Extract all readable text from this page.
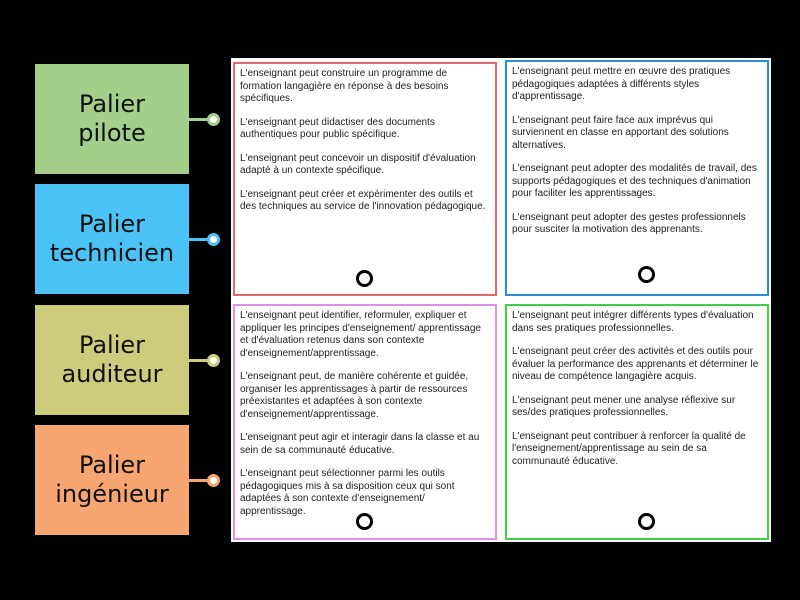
Palier
pilote
Palier
technicien
Palier
auditeur
Palier
ingénieur

L'enseignant peut construire un programme de formation langagière en réponse à des besoins spécifiques.

L'enseignant peut didactiser des documents authentiques pour public spécifique.

L'enseignant peut concevoir un dispositif d'évaluation adapté à un contexte spécifique.

L'enseignant peut créer et expérimenter des outils et des techniques au service de l'innovation pédagogique.

L'enseignant peut mettre en œuvre des pratiques pédagogiques adaptées à différents styles d'apprentissage.

L'enseignant peut faire face aux imprévus qui surviennent en classe en apportant des solutions alternatives.

L'enseignant peut adopter des modalités de travail, des supports pédagogiques et des techniques d'animation pour faciliter les apprentissages.

L'enseignant peut adopter des gestes professionnels pour susciter la motivation des apprenants.

L'enseignant peut identifier, reformuler, expliquer et appliquer les principes d'enseignement/ apprentissage et d'évaluation retenus dans son contexte d'enseignement/apprentissage.

L'enseignant peut, de manière cohérente et guidée, organiser les apprentissages à partir de ressources préexistantes et adaptées à son contexte d'enseignement/apprentissage.

L'enseignant peut agir et interagir dans la classe et au sein de sa communauté éducative.

L'enseignant peut sélectionner parmi les outils pédagogiques mis à sa disposition ceux qui sont adaptées à son contexte d'enseignement/ apprentissage.

L'enseignant peut intégrer différents types d'évaluation dans ses pratiques professionnelles.

L'enseignant peut créer des activités et des outils pour évaluer la performance des apprenants et déterminer le niveau de compétence langagière acquis.

L'enseignant peut mener une analyse réflexive sur ses/des pratiques professionnelles.

L'enseignant peut contribuer à renforcer la qualité de l'enseignement/apprentissage au sein de sa communauté éducative.
